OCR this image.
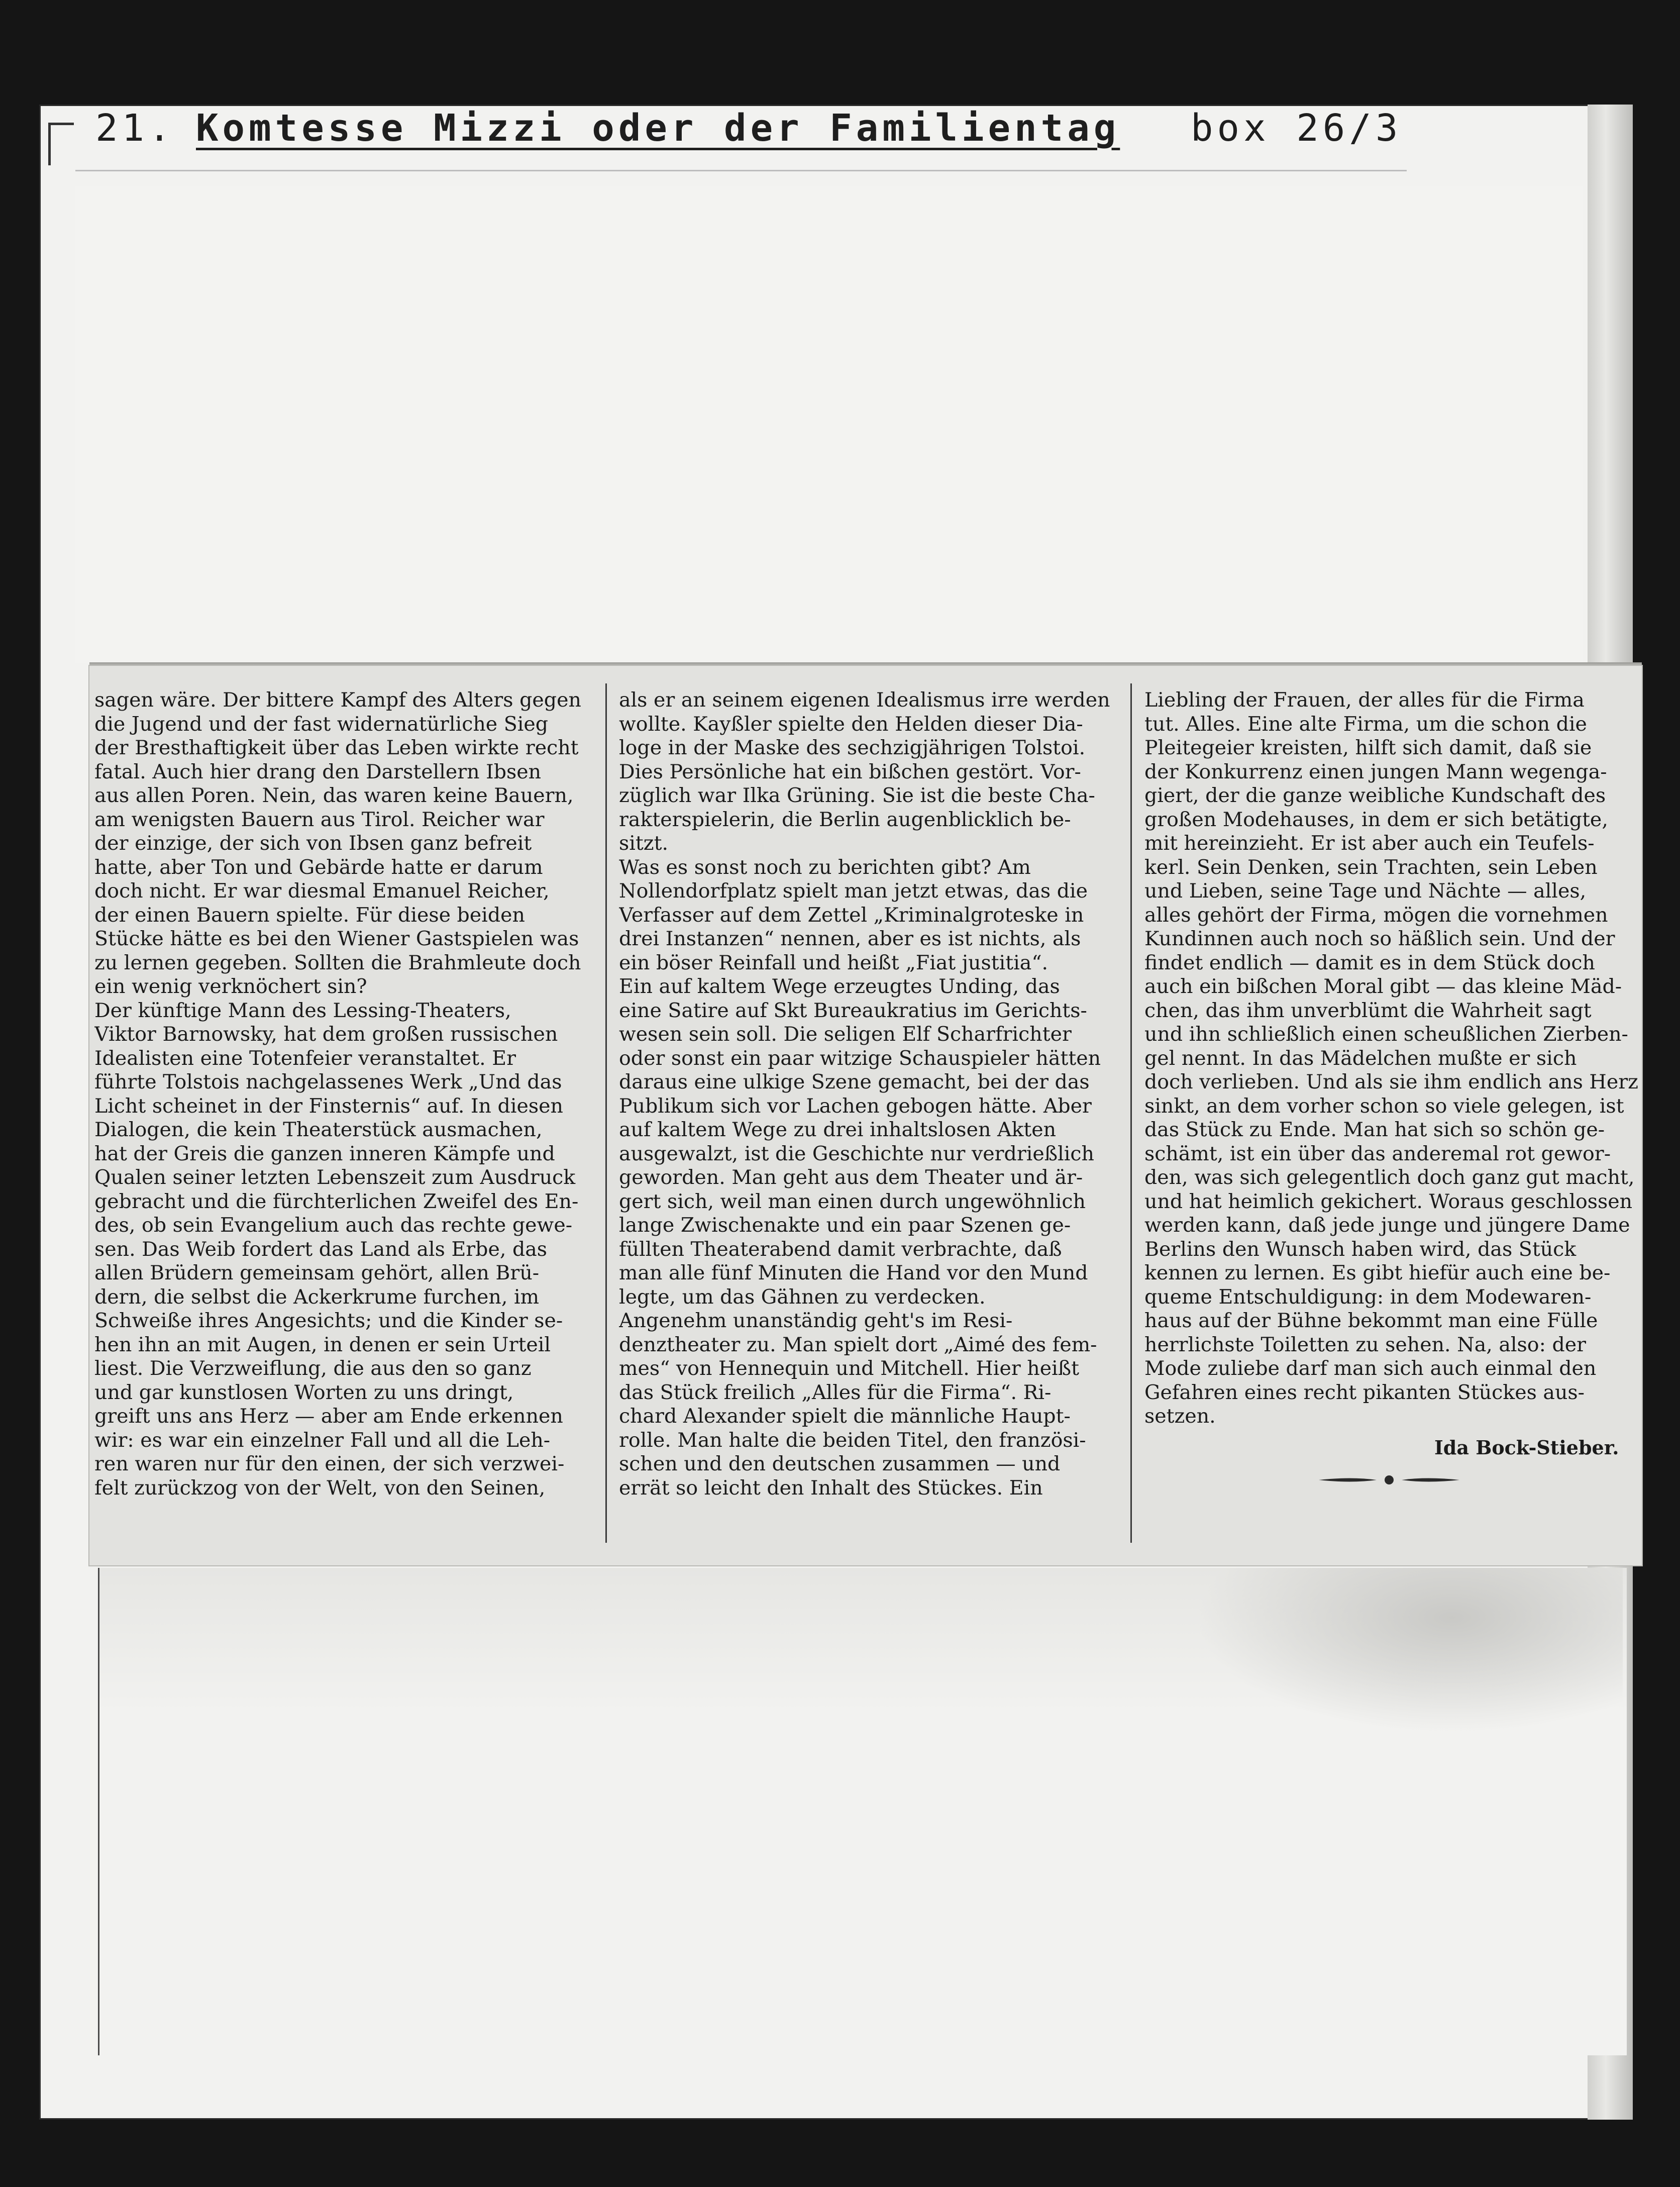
21. Komtesse Mizzi oder der Familientag box 26/3
sagen wäre. Der bittere Kampf des Alters gegen
die Jugend und der fast widernatürliche Sieg
der Bresthaftigkeit über das Leben wirkte recht
fatal. Auch hier drang den Darstellern Ibsen
aus allen Poren. Nein, das waren keine Bauern,
am wenigsten Bauern aus Tirol. Reicher war
der einzige, der sich von Ibsen ganz befreit
hatte, aber Ton und Gebärde hatte er darum
doch nicht. Er war diesmal Emanuel Reicher,
der einen Bauern spielte. Für diese beiden
Stücke hätte es bei den Wiener Gastspielen was
zu lernen gegeben. Sollten die Brahmleute doch
ein wenig verknöchert sin?
Der künftige Mann des Lessing-Theaters,
Viktor Barnowsky, hat dem großen russischen
Idealisten eine Totenfeier veranstaltet. Er
führte Tolstois nachgelassenes Werk „Und das
Licht scheinet in der Finsternis“ auf. In diesen
Dialogen, die kein Theaterstück ausmachen,
hat der Greis die ganzen inneren Kämpfe und
Qualen seiner letzten Lebenszeit zum Ausdruck
gebracht und die fürchterlichen Zweifel des En-
des, ob sein Evangelium auch das rechte gewe-
sen. Das Weib fordert das Land als Erbe, das
allen Brüdern gemeinsam gehört, allen Brü-
dern, die selbst die Ackerkrume furchen, im
Schweiße ihres Angesichts; und die Kinder se-
hen ihn an mit Augen, in denen er sein Urteil
liest. Die Verzweiflung, die aus den so ganz
und gar kunstlosen Worten zu uns dringt,
greift uns ans Herz — aber am Ende erkennen
wir: es war ein einzelner Fall und all die Leh-
ren waren nur für den einen, der sich verzwei-
felt zurückzog von der Welt, von den Seinen,
als er an seinem eigenen Idealismus irre werden
wollte. Kayßler spielte den Helden dieser Dia-
loge in der Maske des sechzigjährigen Tolstoi.
Dies Persönliche hat ein bißchen gestört. Vor-
züglich war Ilka Grüning. Sie ist die beste Cha-
rakterspielerin, die Berlin augenblicklich be-
sitzt.
Was es sonst noch zu berichten gibt? Am
Nollendorfplatz spielt man jetzt etwas, das die
Verfasser auf dem Zettel „Kriminalgroteske in
drei Instanzen“ nennen, aber es ist nichts, als
ein böser Reinfall und heißt „Fiat justitia“.
Ein auf kaltem Wege erzeugtes Unding, das
eine Satire auf Skt Bureaukratius im Gerichts-
wesen sein soll. Die seligen Elf Scharfrichter
oder sonst ein paar witzige Schauspieler hätten
daraus eine ulkige Szene gemacht, bei der das
Publikum sich vor Lachen gebogen hätte. Aber
auf kaltem Wege zu drei inhaltslosen Akten
ausgewalzt, ist die Geschichte nur verdrießlich
geworden. Man geht aus dem Theater und är-
gert sich, weil man einen durch ungewöhnlich
lange Zwischenakte und ein paar Szenen ge-
füllten Theaterabend damit verbrachte, daß
man alle fünf Minuten die Hand vor den Mund
legte, um das Gähnen zu verdecken.
Angenehm unanständig geht's im Resi-
denztheater zu. Man spielt dort „Aimé des fem-
mes“ von Hennequin und Mitchell. Hier heißt
das Stück freilich „Alles für die Firma“. Ri-
chard Alexander spielt die männliche Haupt-
rolle. Man halte die beiden Titel, den französi-
schen und den deutschen zusammen — und
errät so leicht den Inhalt des Stückes. Ein
Liebling der Frauen, der alles für die Firma
tut. Alles. Eine alte Firma, um die schon die
Pleitegeier kreisten, hilft sich damit, daß sie
der Konkurrenz einen jungen Mann wegenga-
giert, der die ganze weibliche Kundschaft des
großen Modehauses, in dem er sich betätigte,
mit hereinzieht. Er ist aber auch ein Teufels-
kerl. Sein Denken, sein Trachten, sein Leben
und Lieben, seine Tage und Nächte — alles,
alles gehört der Firma, mögen die vornehmen
Kundinnen auch noch so häßlich sein. Und der
findet endlich — damit es in dem Stück doch
auch ein bißchen Moral gibt — das kleine Mäd-
chen, das ihm unverblümt die Wahrheit sagt
und ihn schließlich einen scheußlichen Zierben-
gel nennt. In das Mädelchen mußte er sich
doch verlieben. Und als sie ihm endlich ans Herz
sinkt, an dem vorher schon so viele gelegen, ist
das Stück zu Ende. Man hat sich so schön ge-
schämt, ist ein über das anderemal rot gewor-
den, was sich gelegentlich doch ganz gut macht,
und hat heimlich gekichert. Woraus geschlossen
werden kann, daß jede junge und jüngere Dame
Berlins den Wunsch haben wird, das Stück
kennen zu lernen. Es gibt hiefür auch eine be-
queme Entschuldigung: in dem Modewaren-
haus auf der Bühne bekommt man eine Fülle
herrlichste Toiletten zu sehen. Na, also: der
Mode zuliebe darf man sich auch einmal den
Gefahren eines recht pikanten Stückes aus-
setzen.
Ida Bock-Stieber.
